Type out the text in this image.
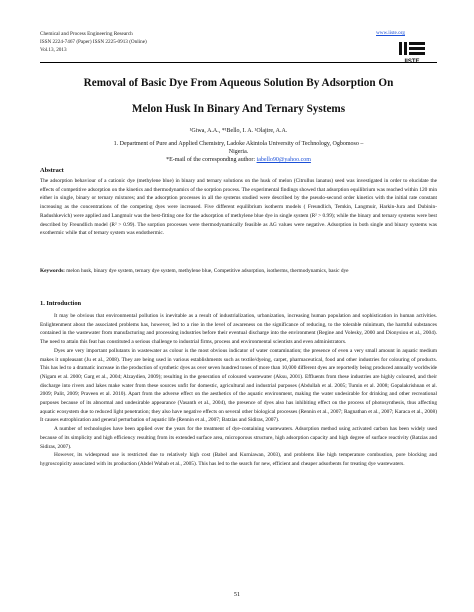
Chemical and Process Engineering Research
ISSN 2224-7467 (Paper) ISSN 2225-0913 (Online)
Vol.13, 2013
www.iiste.org
Removal of Basic Dye From Aqueous Solution By Adsorption On
Melon Husk In Binary And Ternary Systems
¹Giwa, A.A., *¹Bello, I. A. ¹Olajire, A.A.
1. Department of Pure and Applied Chemistry, Ladoke Akintola University of Technology, Ogbomoso –
Nigeria.
*E-mail of the corresponding author: iabello90@yahoo.com
Abstract

The adsorption behaviour of a cationic dye (methylene blue) in binary and ternary solutions on the husk of melon (Citrullus lanatus) seed was investigated in order to elucidate the effects of competitive adsorption on the kinetics and thermodynamics of the sorption process. The experimental findings showed that adsorption equilibrium was reached within 120 min either in single, binary or ternary mixtures; and the adsorption processes in all the systems studied were described by the pseudo-second order kinetics with the initial rate constant increasing as the concentrations of the competing dyes were increased. Five different equilibrium isotherm models ( Freundlich, Temkin, Langmuir, Harkin-Jura and Dubinin-Radushkevich) were applied and Langmuir was the best-fitting one for the adsorption of methylene blue dye in single system (R² > 0.99); while the binary and ternary systems were best described by Freundlich model (R² > 0.99). The sorption processes were thermodynamically feasible as ΔG values were negative. Adsorption in both single and binary systems was exothermic while that of ternary system was endothermic.

Keywords: melon husk, binary dye system, ternary dye system, methylene blue, Competitive adsorption, isotherms, thermodynamics, basic dye

1. Introduction

It may be obvious that environmental pollution is inevitable as a result of industrialization, urbanization, increasing human population and sophistication in human activities. Enlightenment about the associated problems has, however, led to a rise in the level of awareness on the significance of reducing, to the tolerable minimum, the harmful substances contained in the wastewater from manufacturing and processing industries before their eventual discharge into the environment (Regine and Volesky, 2000 and Dionysiou et al., 2004). The need to attain this feat has constituted a serious challenge to industrial firms, process and environmental scientists and even administrators.

Dyes are very important pollutants in wastewater as colour is the most obvious indicator of water contamination; the presence of even a very small amount in aquatic medium makes it unpleasant (Ju et al., 2008). They are being used in various establishments such as textile/dyeing, carpet, pharmaceutical, food and other industries for colouring of products. This has led to a dramatic increase in the production of synthetic dyes as over seven hundred tones of more than 10,000 different dyes are reportedly being produced annually worldwide (Nigam et al. 2000; Garg et al., 2004; Alzaydien, 2009); resulting in the generation of coloured wastewater (Aksu, 2001). Effluents from these industries are highly coloured, and their discharge into rivers and lakes make water from these sources unfit for domestic, agricultural and industrial purposes (Abdullah et al. 2005; Tumin et al. 2008; Gopalakrishnan et al. 2009; Palit, 2009; Praveen et al. 2010). Apart from the adverse effect on the aesthetics of the aquatic environment, making the water undesirable for drinking and other recreational purposes because of its abnormal and undesirable appearance (Vasanth et al., 2004), the presence of dyes also has inhibiting effect on the process of photosynthesis, thus affecting aquatic ecosystem due to reduced light penetration; they also have negative effects on several other biological processes (Rennin et al., 2007; Ragnathan et al., 2007; Karaca et al., 2008) It causes eutrophication and general perturbation of aquatic life (Rennin et al., 2007; Batzias and Sidiras, 2007).

A number of technologies have been applied over the years for the treatment of dye-containing wastewaters. Adsorption method using activated carbon has been widely used because of its simplicity and high efficiency resulting from its extended surface area, microporous structure, high adsorption capacity and high degree of surface reactivity (Batzias and Sidiras, 2007).

However, its widespread use is restricted due to relatively high cost (Babel and Kurniawan, 2003), and problems like high temperature combustion, pore blocking and hygroscopicity associated with its production (Abdel Wahab et al., 2005). This has led to the search for new, efficient and cheaper adsorbents for treating dye wastewaters.

51
